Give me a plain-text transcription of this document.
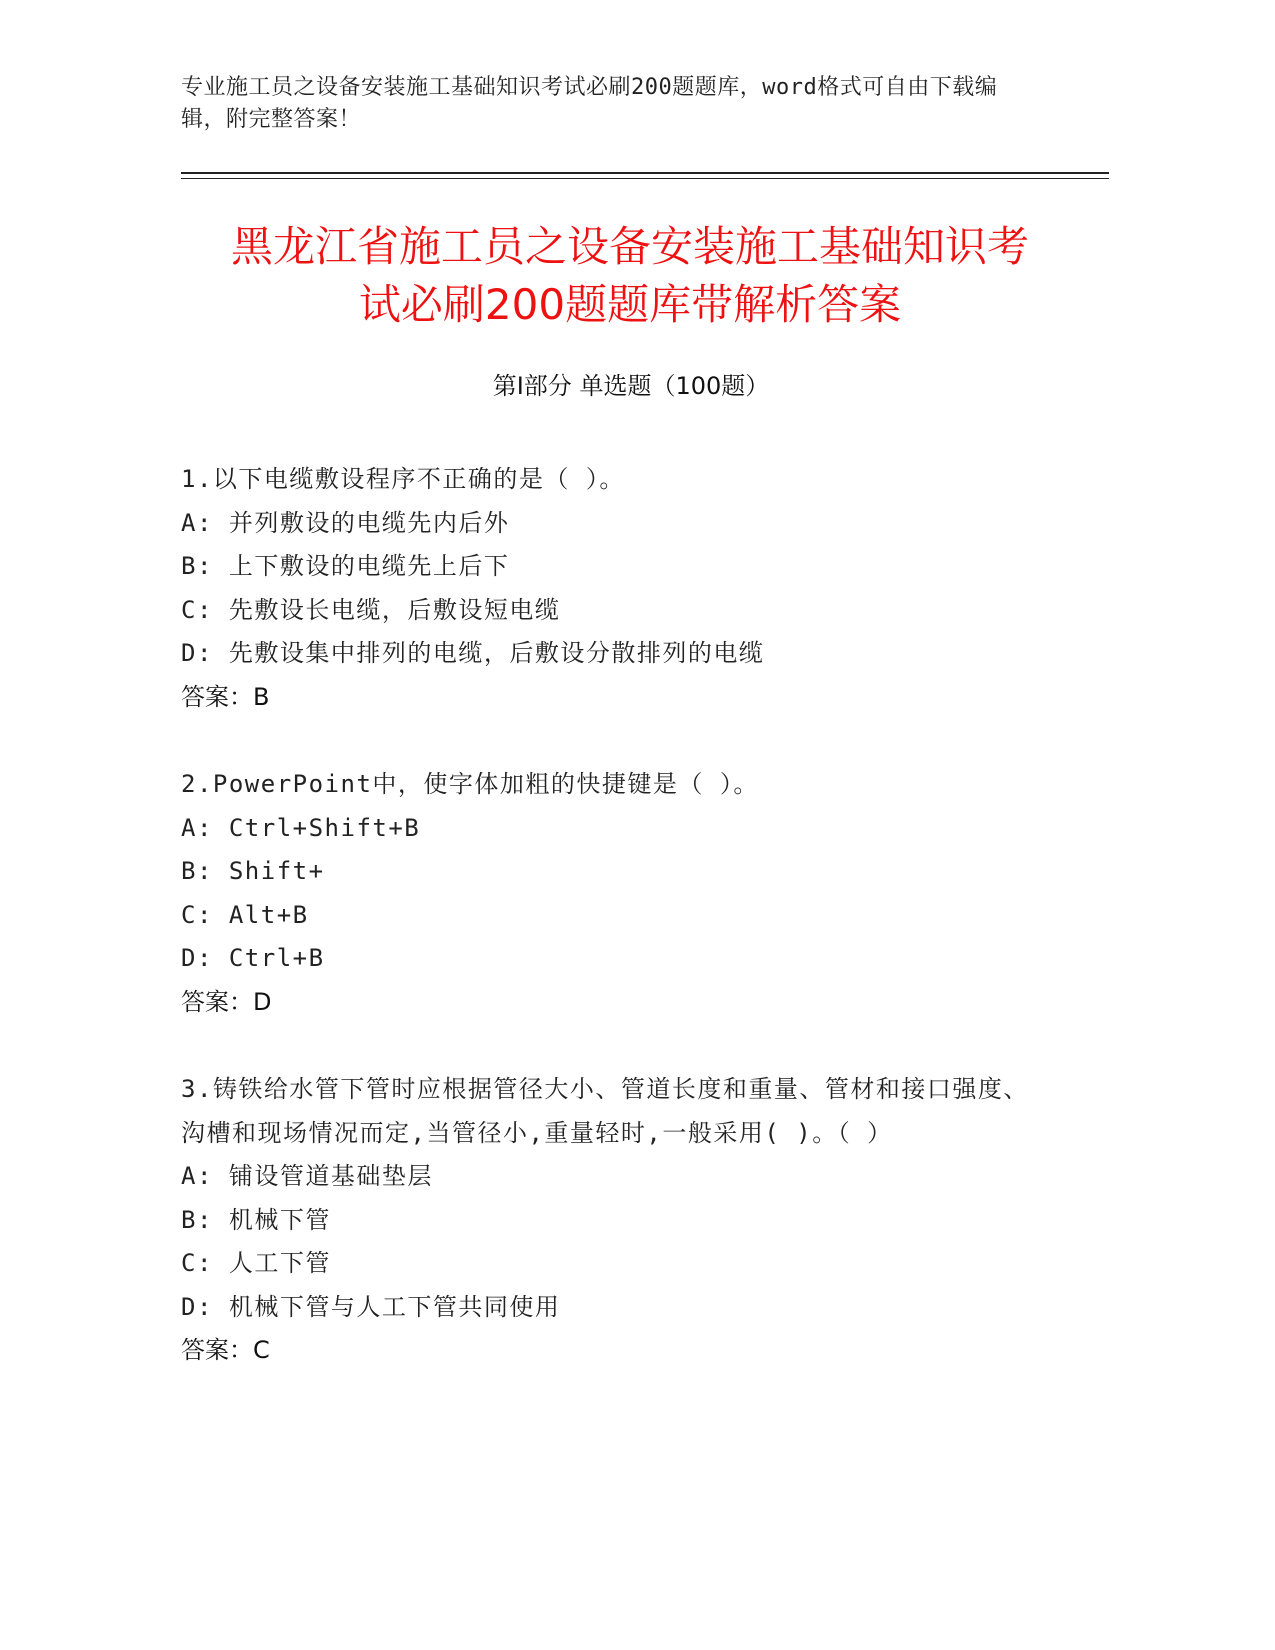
专业施工员之设备安装施工基础知识考试必刷200题题库，word格式可自由下载编辑，附完整答案！
黑龙江省施工员之设备安装施工基础知识考
试必刷200题题库带解析答案
第Ⅰ部分 单选题（100题）

1.以下电缆敷设程序不正确的是（ ）。

A: 并列敷设的电缆先内后外

B: 上下敷设的电缆先上后下

C: 先敷设长电缆，后敷设短电缆

D: 先敷设集中排列的电缆，后敷设分散排列的电缆

答案：B

2.PowerPoint中，使字体加粗的快捷键是（ ）。

A: Ctrl+Shift+B

B: Shift+

C: Alt+B

D: Ctrl+B

答案：D

3.铸铁给水管下管时应根据管径大小、管道长度和重量、管材和接口强度、沟槽和现场情况而定,当管径小,重量轻时,一般采用( )。（ ）

A: 铺设管道基础垫层

B: 机械下管

C: 人工下管

D: 机械下管与人工下管共同使用

答案：C
